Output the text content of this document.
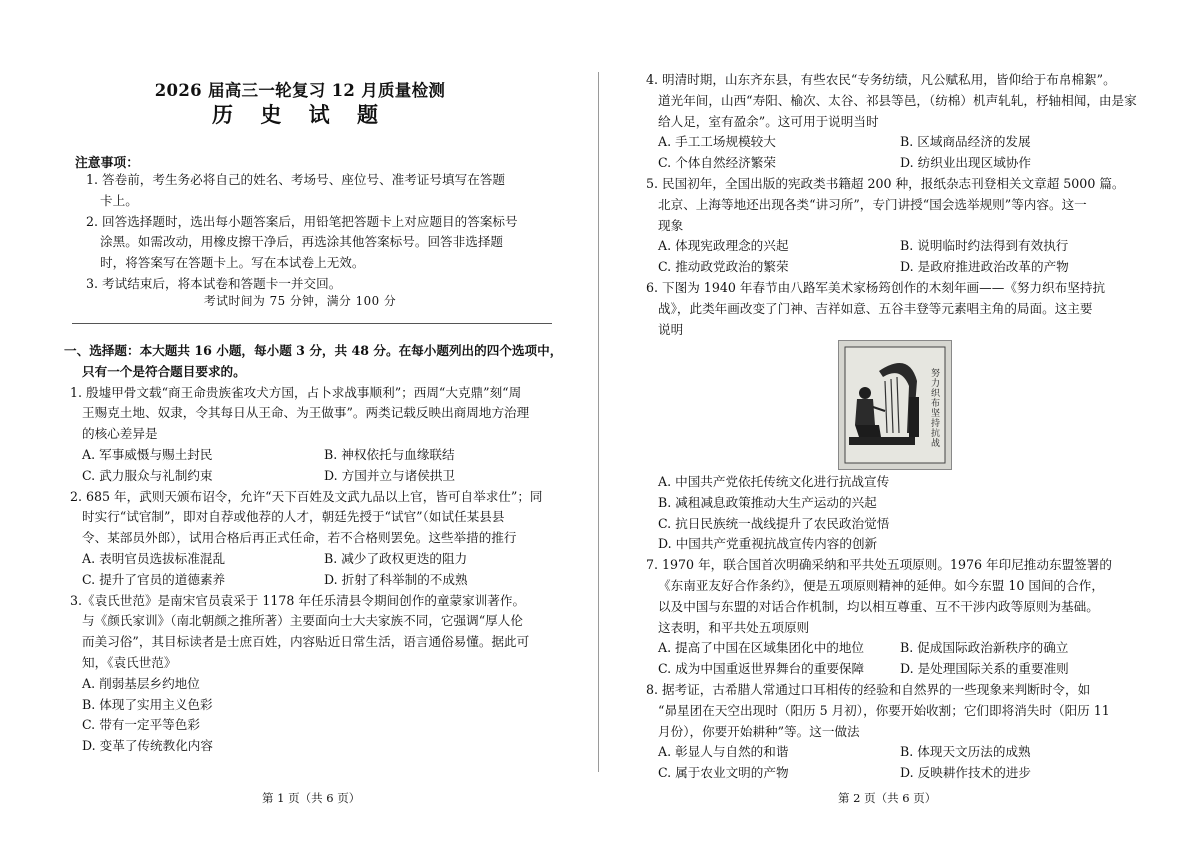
2026 届高三一轮复习 12 月质量检测
历 史 试 题
注意事项：
1. 答卷前，考生务必将自己的姓名、考场号、座位号、准考证号填写在答题
卡上。
2. 回答选择题时，选出每小题答案后，用铅笔把答题卡上对应题目的答案标号
涂黑。如需改动，用橡皮擦干净后，再选涂其他答案标号。回答非选择题
时，将答案写在答题卡上。写在本试卷上无效。
3. 考试结束后，将本试卷和答题卡一并交回。
考试时间为 75 分钟，满分 100 分
一、选择题：本大题共 16 小题，每小题 3 分，共 48 分。在每小题列出的四个选项中，
只有一个是符合题目要求的。
1. 殷墟甲骨文载“商王命贵族雀攻犬方国，占卜求战事顺利”；西周“大克鼎”刻“周
王赐克土地、奴隶，令其每日从王命、为王做事”。两类记载反映出商周地方治理
的核心差异是
A. 军事威慑与赐土封民	B. 神权依托与血缘联结
C. 武力服众与礼制约束	D. 方国并立与诸侯拱卫
2. 685 年，武则天颁布诏令，允许“天下百姓及文武九品以上官，皆可自举求仕”；同
时实行“试官制”，即对自荐或他荐的人才，朝廷先授于“试官”（如试任某县县
令、某部员外郎），试用合格后再正式任命，若不合格则罢免。这些举措的推行
A. 表明官员选拔标准混乱	B. 减少了政权更迭的阻力
C. 提升了官员的道德素养	D. 折射了科举制的不成熟
3.《袁氏世范》是南宋官员袁采于 1178 年任乐清县令期间创作的童蒙家训著作。
与《颜氏家训》（南北朝颜之推所著）主要面向士大夫家族不同，它强调“厚人伦
而美习俗”，其目标读者是士庶百姓，内容贴近日常生活，语言通俗易懂。据此可
知，《袁氏世范》
A. 削弱基层乡约地位
B. 体现了实用主义色彩
C. 带有一定平等色彩
D. 变革了传统教化内容
第 1 页（共 6 页）	第 2 页（共 6 页）
4. 明清时期，山东齐东县，有些农民“专务纺绩，凡公赋私用，皆仰给于布帛棉絮”。
道光年间，山西“寿阳、榆次、太谷、祁县等邑，（纺棉）机声轧轧，杼轴相闻，由是家
给人足，室有盈余”。这可用于说明当时
A. 手工工场规模较大	B. 区域商品经济的发展
C. 个体自然经济繁荣	D. 纺织业出现区域协作
5. 民国初年，全国出版的宪政类书籍超 200 种，报纸杂志刊登相关文章超 5000 篇。
北京、上海等地还出现各类“讲习所”，专门讲授“国会选举规则”等内容。这一
现象
A. 体现宪政理念的兴起	B. 说明临时约法得到有效执行
C. 推动政党政治的繁荣	D. 是政府推进政治改革的产物
6. 下图为 1940 年春节由八路军美术家杨筠创作的木刻年画——《努力织布坚持抗
战》，此类年画改变了门神、吉祥如意、五谷丰登等元素唱主角的局面。这主要
说明
努力织布 坚持抗战
A. 中国共产党依托传统文化进行抗战宣传
B. 减租减息政策推动大生产运动的兴起
C. 抗日民族统一战线提升了农民政治觉悟
D. 中国共产党重视抗战宣传内容的创新
7. 1970 年，联合国首次明确采纳和平共处五项原则。1976 年印尼推动东盟签署的
《东南亚友好合作条约》，便是五项原则精神的延伸。如今东盟 10 国间的合作，
以及中国与东盟的对话合作机制，均以相互尊重、互不干涉内政等原则为基础。
这表明，和平共处五项原则
A. 提高了中国在区域集团化中的地位	B. 促成国际政治新秩序的确立
C. 成为中国重返世界舞台的重要保障	D. 是处理国际关系的重要准则
8. 据考证，古希腊人常通过口耳相传的经验和自然界的一些现象来判断时令，如
“昴星团在天空出现时（阳历 5 月初），你要开始收割；它们即将消失时（阳历 11
月份），你要开始耕种”等。这一做法
A. 彰显人与自然的和谐	B. 体现天文历法的成熟
C. 属于农业文明的产物	D. 反映耕作技术的进步
